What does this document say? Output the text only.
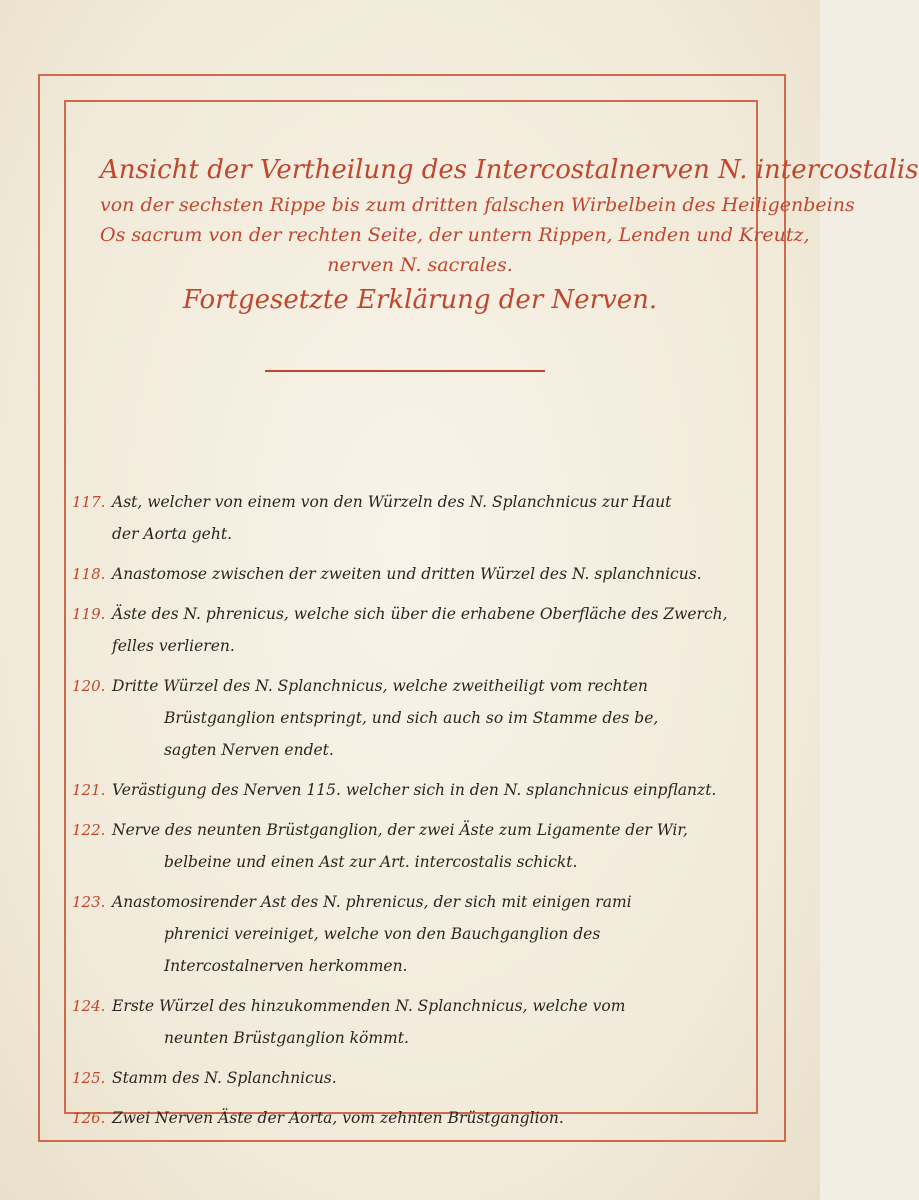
Ansicht der Vertheilung des Intercostalnerven N. intercostalis
von der sechsten Rippe bis zum dritten falschen Wirbelbein des Heiligenbeins
Os sacrum von der rechten Seite, der untern Rippen, Lenden und Kreutz,
nerven N. sacrales.
Fortgesetzte Erklärung der Nerven.
117. Ast, welcher von einem von den Würzeln des N. Splanchnicus zur Haut
der Aorta geht.
118. Anastomose zwischen der zweiten und dritten Würzel des N. splanchnicus.
119. Äste des N. phrenicus, welche sich über die erhabene Oberfläche des Zwerch,
felles verlieren.
120. Dritte Würzel des N. Splanchnicus, welche zweitheiligt vom rechten
Brüstganglion entspringt, und sich auch so im Stamme des be,
sagten Nerven endet.
121. Verästigung des Nerven 115. welcher sich in den N. splanchnicus einpflanzt.
122. Nerve des neunten Brüstganglion, der zwei Äste zum Ligamente der Wir,
belbeine und einen Ast zur Art. intercostalis schickt.
123. Anastomosirender Ast des N. phrenicus, der sich mit einigen rami
phrenici vereiniget, welche von den Bauchganglion des
Intercostalnerven herkommen.
124. Erste Würzel des hinzukommenden N. Splanchnicus, welche vom
neunten Brüstganglion kömmt.
125. Stamm des N. Splanchnicus.
126. Zwei Nerven Äste der Aorta, vom zehnten Brüstganglion.
